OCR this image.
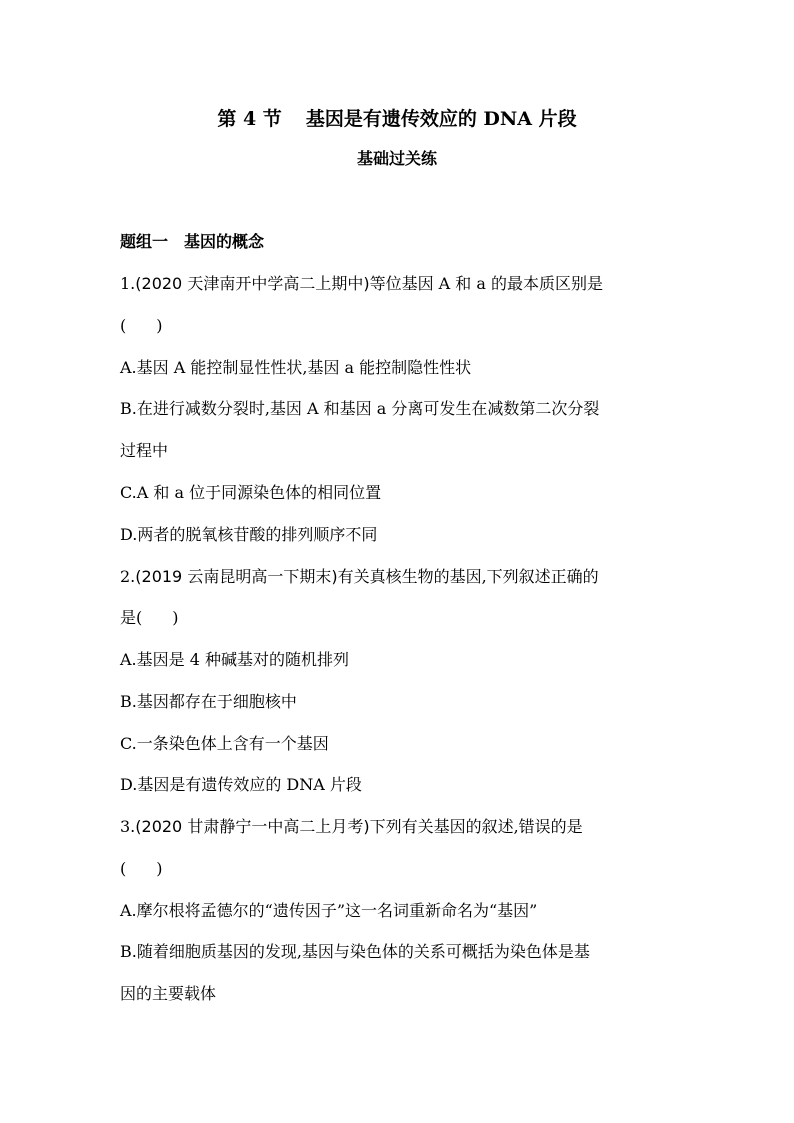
第 4 节 基因是有遗传效应的 DNA 片段
基础过关练
题组一 基因的概念
1.(2020 天津南开中学高二上期中)等位基因 A 和 a 的最本质区别是
( )
A.基因 A 能控制显性性状,基因 a 能控制隐性性状
B.在进行减数分裂时,基因 A 和基因 a 分离可发生在减数第二次分裂
过程中
C.A 和 a 位于同源染色体的相同位置
D.两者的脱氧核苷酸的排列顺序不同
2.(2019 云南昆明高一下期末)有关真核生物的基因,下列叙述正确的
是( )
A.基因是 4 种碱基对的随机排列
B.基因都存在于细胞核中
C.一条染色体上含有一个基因
D.基因是有遗传效应的 DNA 片段
3.(2020 甘肃静宁一中高二上月考)下列有关基因的叙述,错误的是
( )
A.摩尔根将孟德尔的“遗传因子”这一名词重新命名为“基因”
B.随着细胞质基因的发现,基因与染色体的关系可概括为染色体是基
因的主要载体
